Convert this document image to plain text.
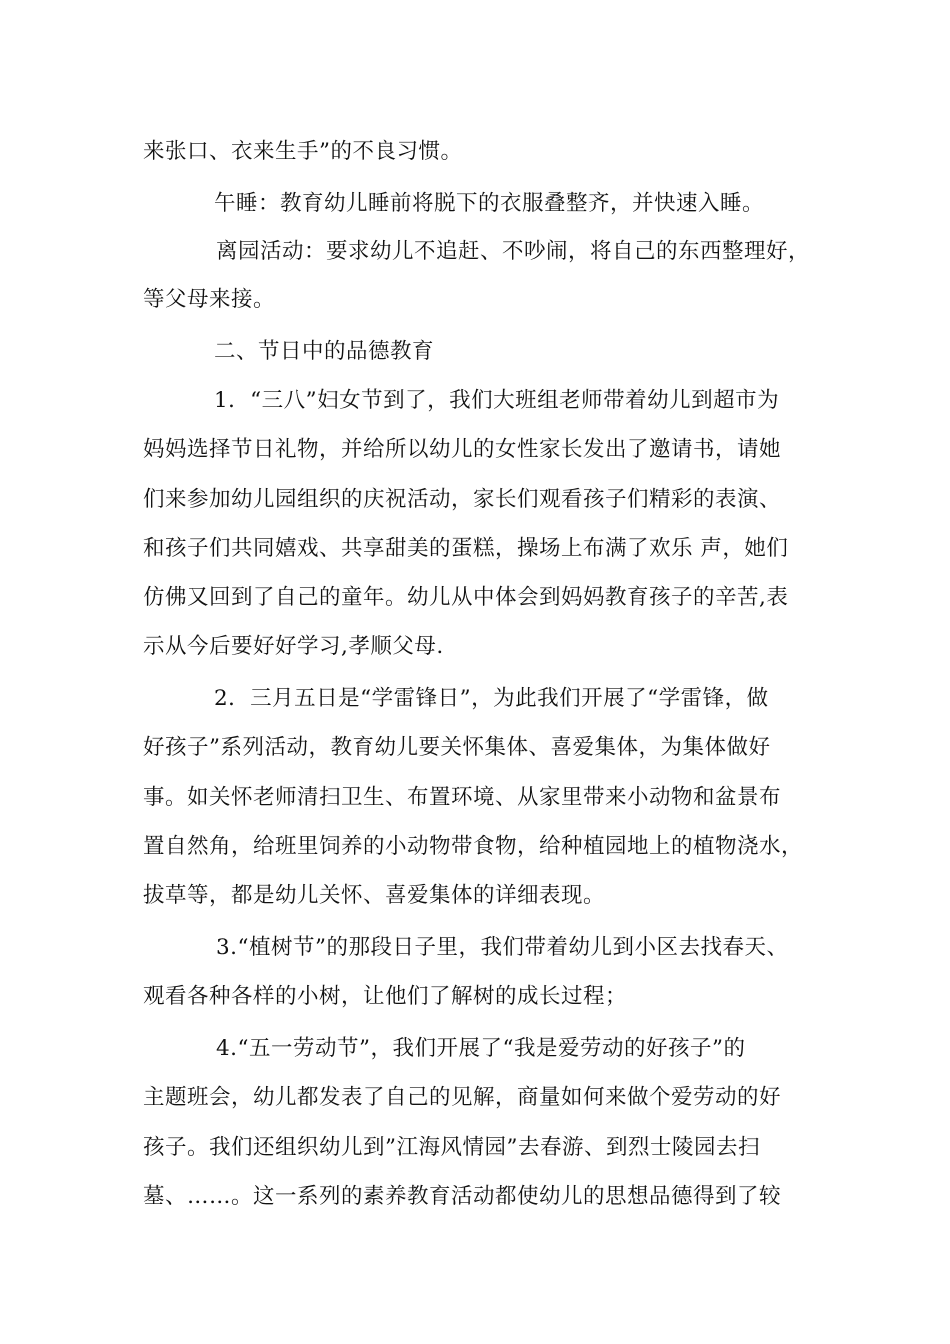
来张口、衣来生手”的不良习惯。
午睡：教育幼儿睡前将脱下的衣服叠整齐，并快速入睡。
离园活动：要求幼儿不追赶、不吵闹，将自己的东西整理好，
等父母来接。
二、节日中的品德教育
1．“三八”妇女节到了，我们大班组老师带着幼儿到超市为
妈妈选择节日礼物，并给所以幼儿的女性家长发出了邀请书，请她
们来参加幼儿园组织的庆祝活动，家长们观看孩子们精彩的表演、
和孩子们共同嬉戏、共享甜美的蛋糕，操场上布满了欢乐 声，她们
仿佛又回到了自己的童年。幼儿从中体会到妈妈教育孩子的辛苦,表
示从今后要好好学习,孝顺父母.
2．三月五日是“学雷锋日”，为此我们开展了“学雷锋，做
好孩子”系列活动，教育幼儿要关怀集体、喜爱集体，为集体做好
事。如关怀老师清扫卫生、布置环境、从家里带来小动物和盆景布
置自然角，给班里饲养的小动物带食物，给种植园地上的植物浇水，
拔草等，都是幼儿关怀、喜爱集体的详细表现。
3.“植树节”的那段日子里，我们带着幼儿到小区去找春天、
观看各种各样的小树，让他们了解树的成长过程；
4.“五一劳动节”，我们开展了“我是爱劳动的好孩子”的
主题班会，幼儿都发表了自己的见解，商量如何来做个爱劳动的好
孩子。我们还组织幼儿到”江海风情园”去春游、到烈士陵园去扫
墓、……。这一系列的素养教育活动都使幼儿的思想品德得到了较
